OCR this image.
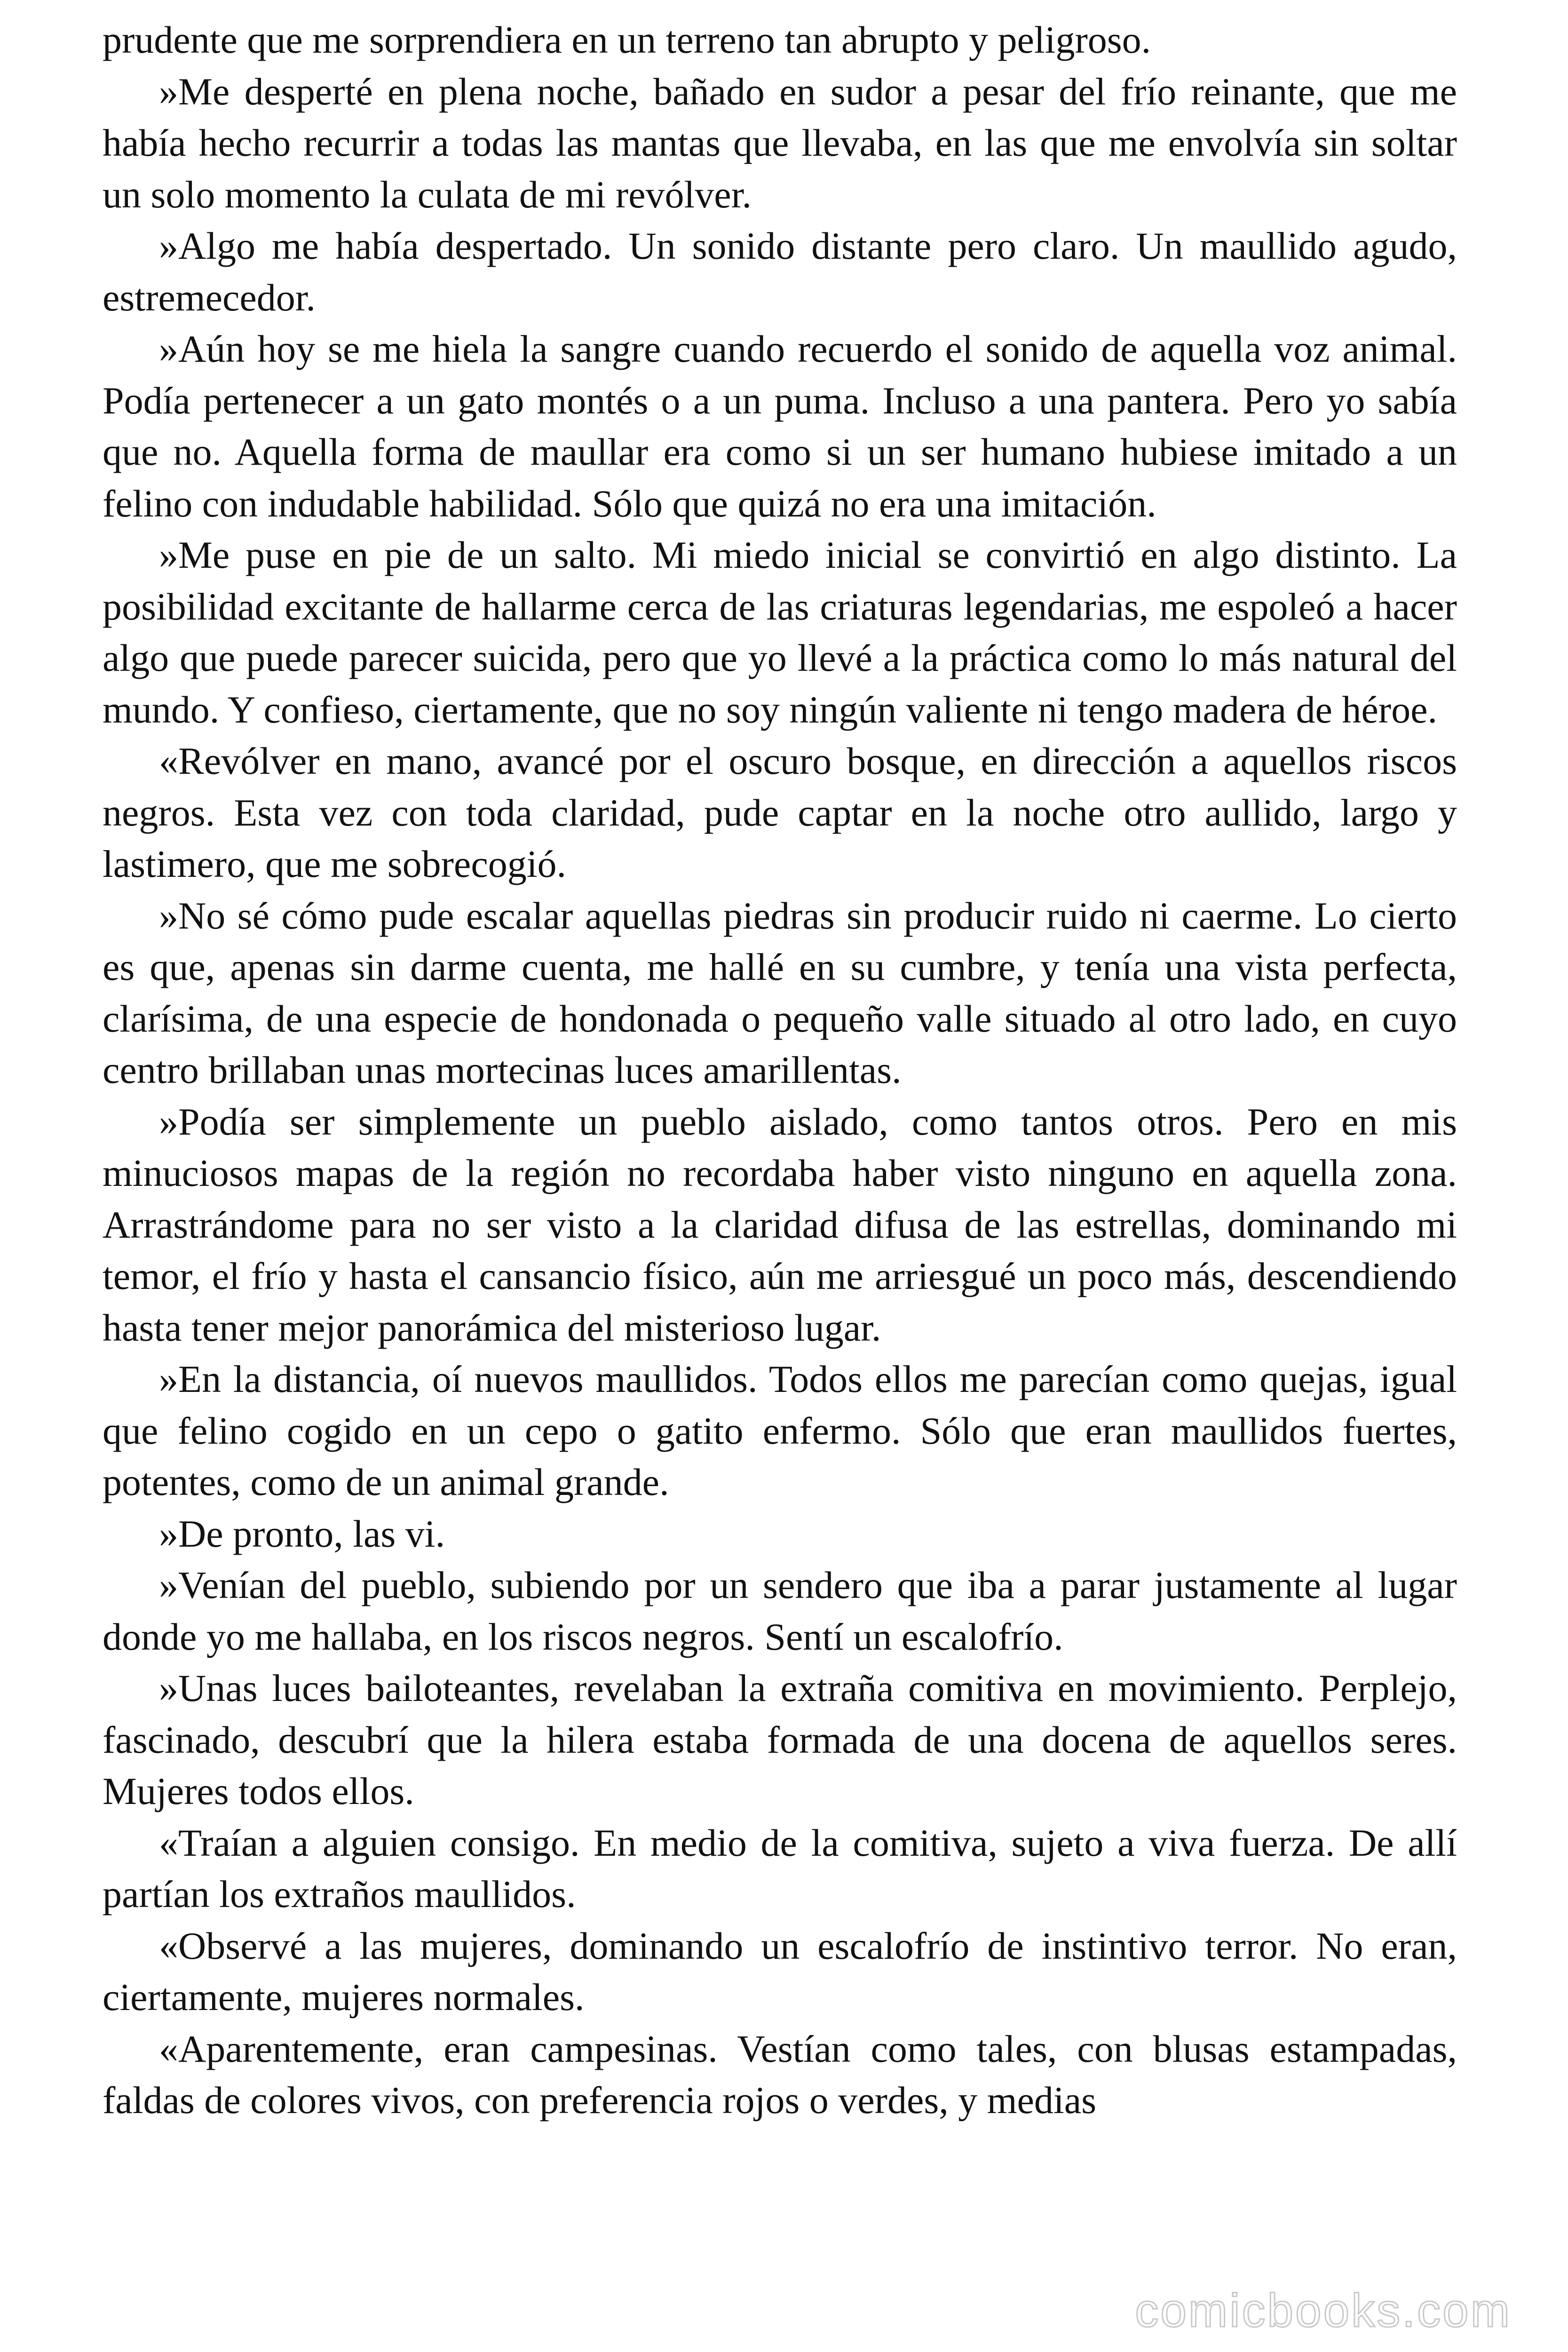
prudente que me sorprendiera en un terreno tan abrupto y peligroso.

»Me desperté en plena noche, bañado en sudor a pesar del frío reinante, que me había hecho recurrir a todas las mantas que llevaba, en las que me envolvía sin soltar un solo momento la culata de mi revólver.

»Algo me había despertado. Un sonido distante pero claro. Un maullido agudo, estremecedor.

»Aún hoy se me hiela la sangre cuando recuerdo el sonido de aquella voz animal. Podía pertenecer a un gato montés o a un puma. Incluso a una pantera. Pero yo sabía que no. Aquella forma de maullar era como si un ser humano hubiese imitado a un felino con indudable habilidad. Sólo que quizá no era una imitación.

»Me puse en pie de un salto. Mi miedo inicial se convirtió en algo distinto. La posibilidad excitante de hallarme cerca de las criaturas legendarias, me espoleó a hacer algo que puede parecer suicida, pero que yo llevé a la práctica como lo más natural del mundo. Y confieso, ciertamente, que no soy ningún valiente ni tengo madera de héroe.

«Revólver en mano, avancé por el oscuro bosque, en dirección a aquellos riscos negros. Esta vez con toda claridad, pude captar en la noche otro aullido, largo y lastimero, que me sobrecogió.

»No sé cómo pude escalar aquellas piedras sin producir ruido ni caerme. Lo cierto es que, apenas sin darme cuenta, me hallé en su cumbre, y tenía una vista perfecta, clarísima, de una especie de hondonada o pequeño valle situado al otro lado, en cuyo centro brillaban unas mortecinas luces amarillentas.

»Podía ser simplemente un pueblo aislado, como tantos otros. Pero en mis minuciosos mapas de la región no recordaba haber visto ninguno en aquella zona. Arrastrándome para no ser visto a la claridad difusa de las estrellas, dominando mi temor, el frío y hasta el cansancio físico, aún me arriesgué un poco más, descendiendo hasta tener mejor panorámica del misterioso lugar.

»En la distancia, oí nuevos maullidos. Todos ellos me parecían como quejas, igual que felino cogido en un cepo o gatito enfermo. Sólo que eran maullidos fuertes, potentes, como de un animal grande.

»De pronto, las vi.

»Venían del pueblo, subiendo por un sendero que iba a parar justamente al lugar donde yo me hallaba, en los riscos negros. Sentí un escalofrío.

»Unas luces bailoteantes, revelaban la extraña comitiva en movimiento. Perplejo, fascinado, descubrí que la hilera estaba formada de una docena de aquellos seres. Mujeres todos ellos.

«Traían a alguien consigo. En medio de la comitiva, sujeto a viva fuerza. De allí partían los extraños maullidos.

«Observé a las mujeres, dominando un escalofrío de instintivo terror. No eran, ciertamente, mujeres normales.

«Aparentemente, eran campesinas. Vestían como tales, con blusas estampadas, faldas de colores vivos, con preferencia rojos o verdes, y medias

comicbooks.com
